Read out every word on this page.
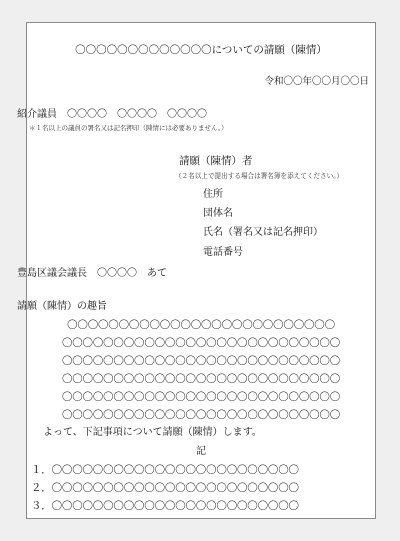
〇〇〇〇〇〇〇〇〇〇〇〇〇についての請願（陳情）
令和〇〇年〇〇月〇〇日
紹介議員　〇〇〇〇　〇〇〇〇　〇〇〇〇
＊１名以上の議員の署名又は記名押印（陳情には必要ありません。）
請願（陳情）者
（２名以上で提出する場合は署名簿を添えてください。）
住所
団体名
氏名（署名又は記名押印）
電話番号
豊島区議会議長　〇〇〇〇　あて
請願（陳情）の趣旨
〇〇〇〇〇〇〇〇〇〇〇〇〇〇〇〇〇〇〇〇〇〇〇〇〇〇
〇〇〇〇〇〇〇〇〇〇〇〇〇〇〇〇〇〇〇〇〇〇〇〇〇〇〇
〇〇〇〇〇〇〇〇〇〇〇〇〇〇〇〇〇〇〇〇〇〇〇〇〇〇〇
〇〇〇〇〇〇〇〇〇〇〇〇〇〇〇〇〇〇〇〇〇〇〇〇〇〇〇
〇〇〇〇〇〇〇〇〇〇〇〇〇〇〇〇〇〇〇〇〇〇〇〇〇〇〇
〇〇〇〇〇〇〇〇〇〇〇〇〇〇〇〇〇〇〇〇〇〇〇〇〇〇〇
よって、下記事項について請願（陳情）します。
記
１．〇〇〇〇〇〇〇〇〇〇〇〇〇〇〇〇〇〇〇〇〇〇〇〇
２．〇〇〇〇〇〇〇〇〇〇〇〇〇〇〇〇〇〇〇〇〇〇〇〇
３．〇〇〇〇〇〇〇〇〇〇〇〇〇〇〇〇〇〇〇〇〇〇〇〇
